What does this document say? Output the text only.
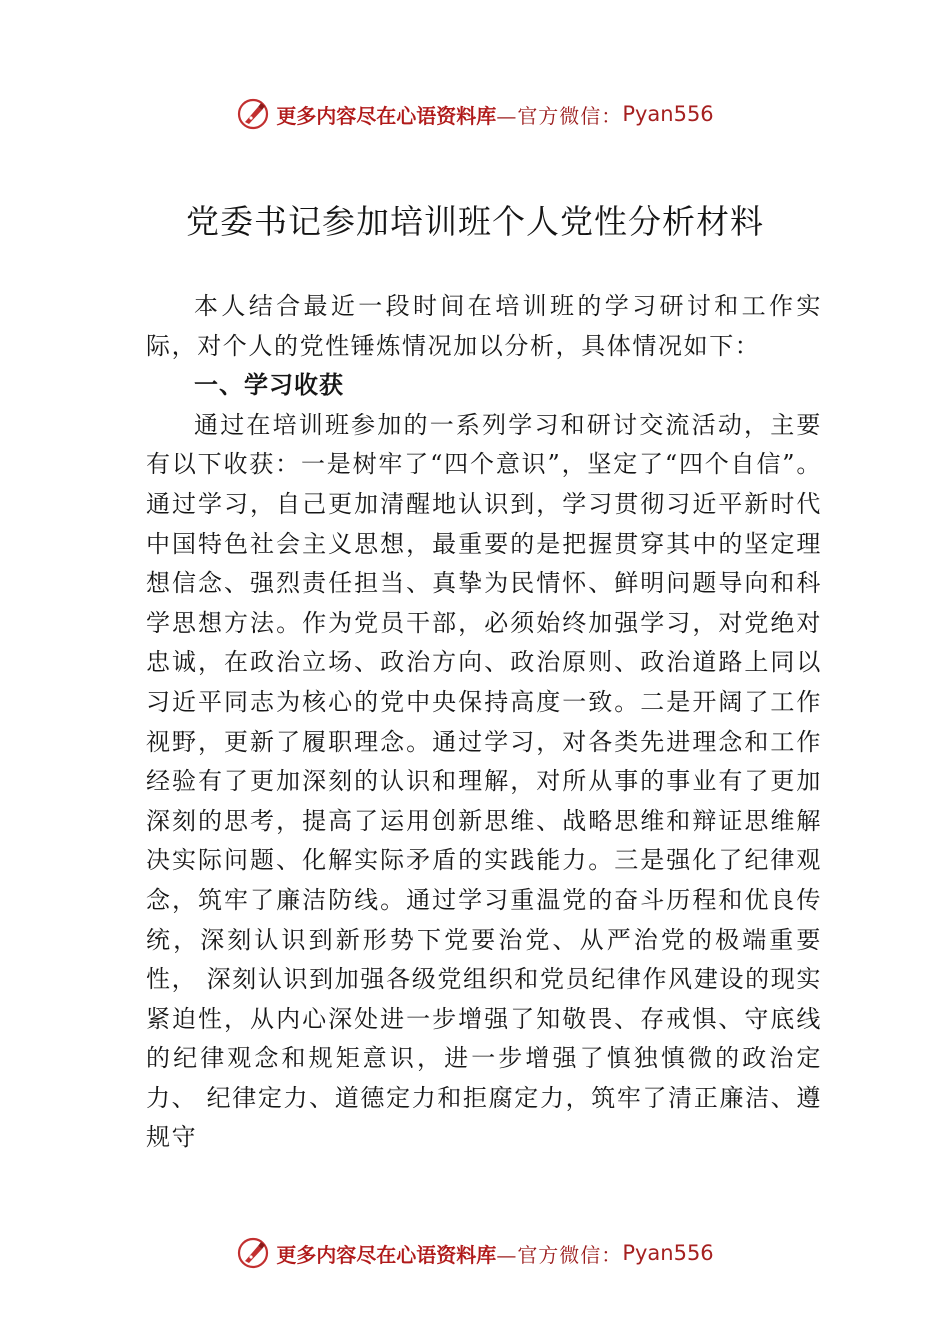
更多内容尽在心语资料库 —官方微信： Pyan556
党委书记参加培训班个人党性分析材料

本人结合最近一段时间在培训班的学习研讨和工作实际，对个人的党性锤炼情况加以分析，具体情况如下：

一、学习收获

通过在培训班参加的一系列学习和研讨交流活动，主要有以下收获：一是树牢了“四个意识”，坚定了“四个自信”。通过学习，自己更加清醒地认识到，学习贯彻习近平新时代中国特色社会主义思想，最重要的是把握贯穿其中的坚定理想信念、强烈责任担当、真挚为民情怀、鲜明问题导向和科学思想方法。作为党员干部，必须始终加强学习，对党绝对忠诚，在政治立场、政治方向、政治原则、政治道路上同以习近平同志为核心的党中央保持高度一致。二是开阔了工作视野，更新了履职理念。通过学习，对各类先进理念和工作经验有了更加深刻的认识和理解，对所从事的事业有了更加深刻的思考，提高了运用创新思维、战略思维和辩证思维解决实际问题、化解实际矛盾的实践能力。三是强化了纪律观念，筑牢了廉洁防线。通过学习重温党的奋斗历程和优良传统，深刻认识到新形势下党要治党、从严治党的极端重要性， 深刻认识到加强各级党组织和党员纪律作风建设的现实紧迫性，从内心深处进一步增强了知敬畏、存戒惧、守底线的纪律观念和规矩意识，进一步增强了慎独慎微的政治定力、 纪律定力、道德定力和拒腐定力，筑牢了清正廉洁、遵规守

更多内容尽在心语资料库 —官方微信： Pyan556
